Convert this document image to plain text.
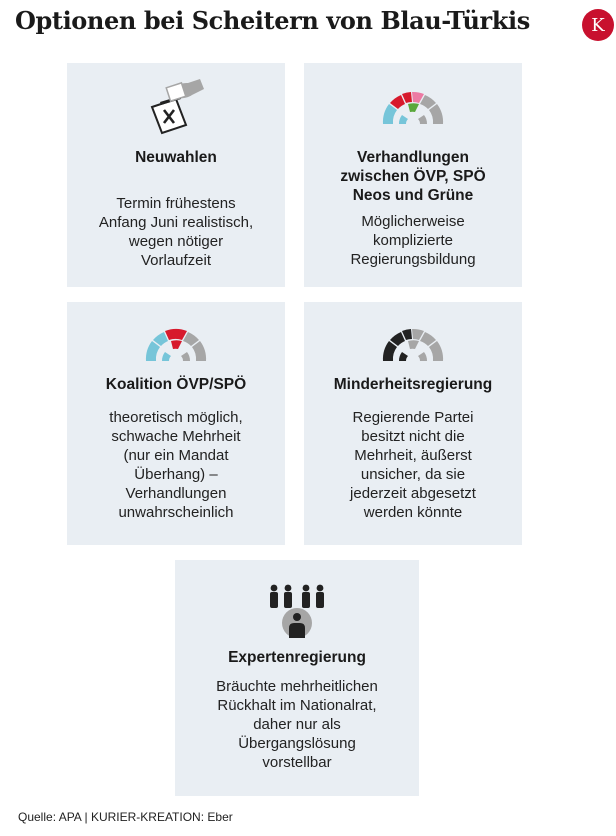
Optionen bei Scheitern von Blau-Türkis	K
Neuwahlen

Termin frühestens
Anfang Juni realistisch,
wegen nötiger
Vorlaufzeit

Verhandlungen
zwischen ÖVP, SPÖ
Neos und Grüne

Möglicherweise
komplizierte
Regierungsbildung

Koalition ÖVP/SPÖ

theoretisch möglich,
schwache Mehrheit
(nur ein Mandat
Überhang) –
Verhandlungen
unwahrscheinlich

Minderheitsregierung

Regierende Partei
besitzt nicht die
Mehrheit, äußerst
unsicher, da sie
jederzeit abgesetzt
werden könnte

Expertenregierung

Bräuchte mehrheitlichen
Rückhalt im Nationalrat,
daher nur als
Übergangslösung
vorstellbar

Quelle: APA | KURIER-KREATION: Eber
